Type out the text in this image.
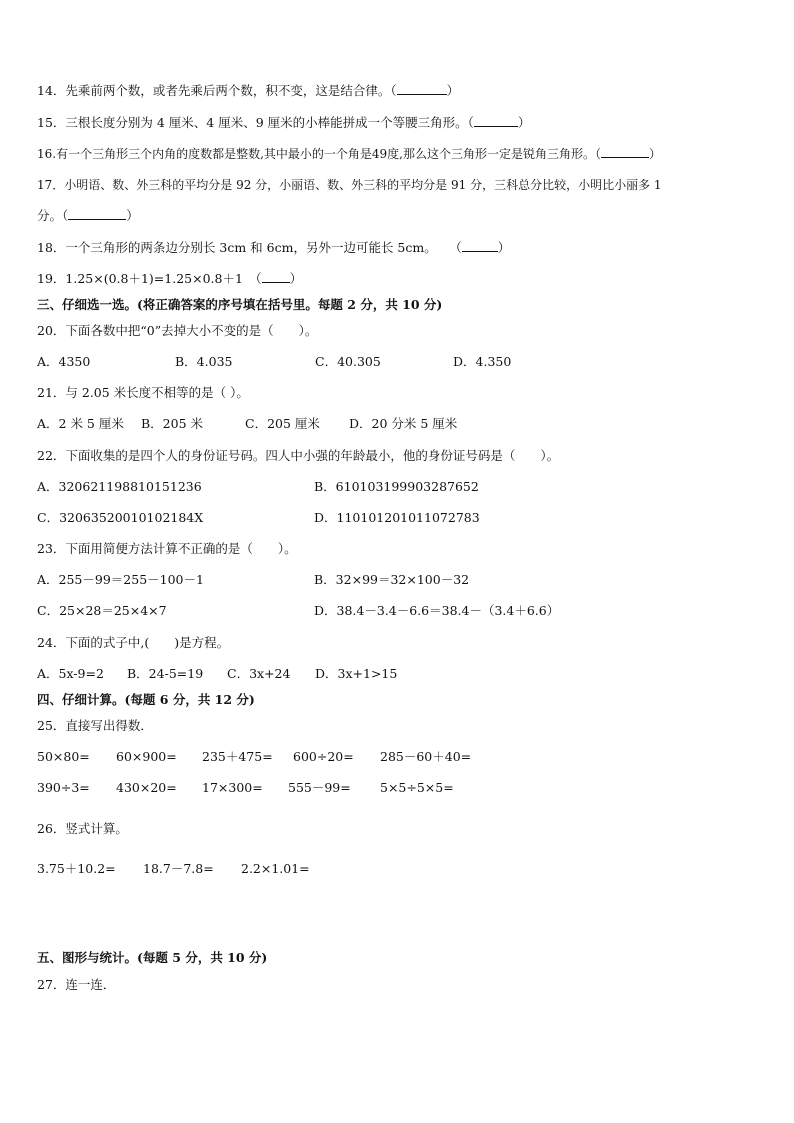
14．先乘前两个数，或者先乘后两个数，积不变，这是结合律。（	）
15．三根长度分别为 4 厘米、4 厘米、9 厘米的小棒能拼成一个等腰三角形。（	）
16.有一个三角形三个内角的度数都是整数,其中最小的一个角是49度,那么这个三角形一定是锐角三角形。（	）
17．小明语、数、外三科的平均分是 92 分，小丽语、数、外三科的平均分是 91 分，三科总分比较，小明比小丽多 1
分。（	）
18．一个三角形的两条边分别长 3cm 和 6cm，另外一边可能长 5cm。　　（	）
19．1.25×(0.8＋1)=1.25×0.8＋1　（ ）
三、仔细选一选。(将正确答案的序号填在括号里。每题 2 分，共 10 分)
20．下面各数中把“0”去掉大小不变的是（　　）。
A．4350	B．4.035	C．40.305	D．4.350
21．与 2.05 米长度不相等的是（ ）。
A．2 米 5 厘米 B．205 米	C．205 厘米 D．20 分米 5 厘米
22．下面收集的是四个人的身份证号码。四人中小强的年龄最小，他的身份证号码是（　　）。
A．320621198810151236	B．610103199903287652
C．32063520010102184X	D．110101201011072783
23．下面用简便方法计算不正确的是（　　）。
A．255－99＝255－100－1	B．32×99＝32×100－32
C．25×28＝25×4×7	D．38.4－3.4－6.6＝38.4－（3.4＋6.6）
24．下面的式子中,(　　)是方程。
A．5x-9=2 B．24-5=19 C．3x+24 D．3x+1>15
四、仔细计算。(每题 6 分，共 12 分)
25．直接写出得数．
50×80= 60×900= 235＋475= 600÷20= 285－60＋40=
390÷3= 430×20= 17×300= 555－99= 5×5÷5×5=
26．竖式计算。
3.75＋10.2= 18.7－7.8= 2.2×1.01=
五、图形与统计。(每题 5 分，共 10 分)
27．连一连．
